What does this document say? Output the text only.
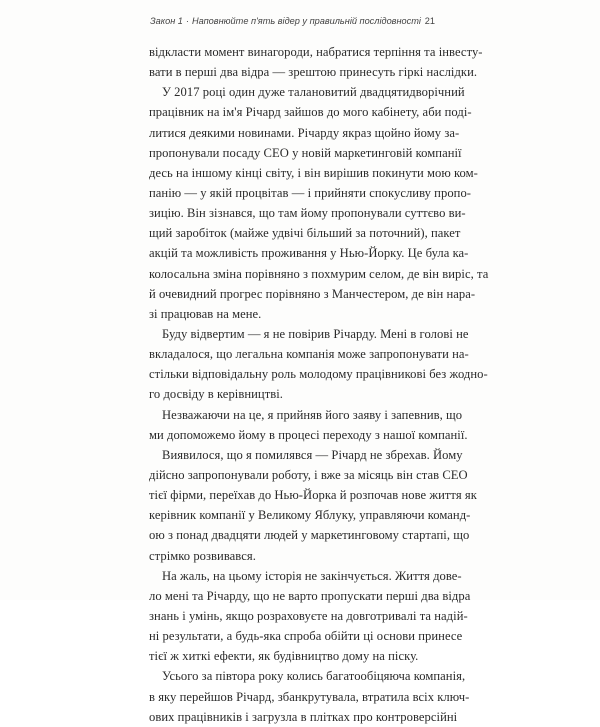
Закон 1 · Наповнюйте п'ять відер у правильній послідовності 21
відкласти момент винагороди, набратися терпіння та інвесту-
вати в перші два відра — зрештою принесуть гіркі наслідки.
У 2017 році один дуже талановитий двадцятидворічний
працівник на ім'я Річард зайшов до мого кабінету, аби поді-
литися деякими новинами. Річарду якраз щойно йому за-
пропонували посаду СЕО у новій маркетинговій компанії
десь на іншому кінці світу, і він вирішив покинути мою ком-
панію — у якій процвітав — і прийняти спокусливу пропо-
зицію. Він зізнався, що там йому пропонували суттєво ви-
щий заробіток (майже удвічі більший за поточний), пакет
акцій та можливість проживання у Нью-Йорку. Це була ка-
колосальна зміна порівняно з похмурим селом, де він виріс, та
й очевидний прогрес порівняно з Манчестером, де він нара-
зі працював на мене.
Буду відвертим — я не повірив Річарду. Мені в голові не
вкладалося, що легальна компанія може запропонувати на-
стільки відповідальну роль молодому працівникові без жодно-
го досвіду в керівництві.
Незважаючи на це, я прийняв його заяву і запевнив, що
ми допоможемо йому в процесі переходу з нашої компанії.
Виявилося, що я помилявся — Річард не збрехав. Йому
дійсно запропонували роботу, і вже за місяць він став СЕО
тієї фірми, переїхав до Нью-Йорка й розпочав нове життя як
керівник компанії у Великому Яблуку, управляючи команд-
ою з понад двадцяти людей у маркетинговому стартапі, що
стрімко розвивався.
На жаль, на цьому історія не закінчується. Життя дове-
ло мені та Річарду, що не варто пропускати перші два відра
знань і умінь, якщо розраховуєте на довготривалі та надій-
ні результати, а будь-яка спроба обійти ці основи принесе
тієї ж хиткі ефекти, як будівництво дому на піску.
Усього за півтора року колись багатообіцяюча компанія,
в яку перейшов Річард, збанкрутувала, втратила всіх ключ-
ових працівників і загрузла в плітках про контроверсійні
